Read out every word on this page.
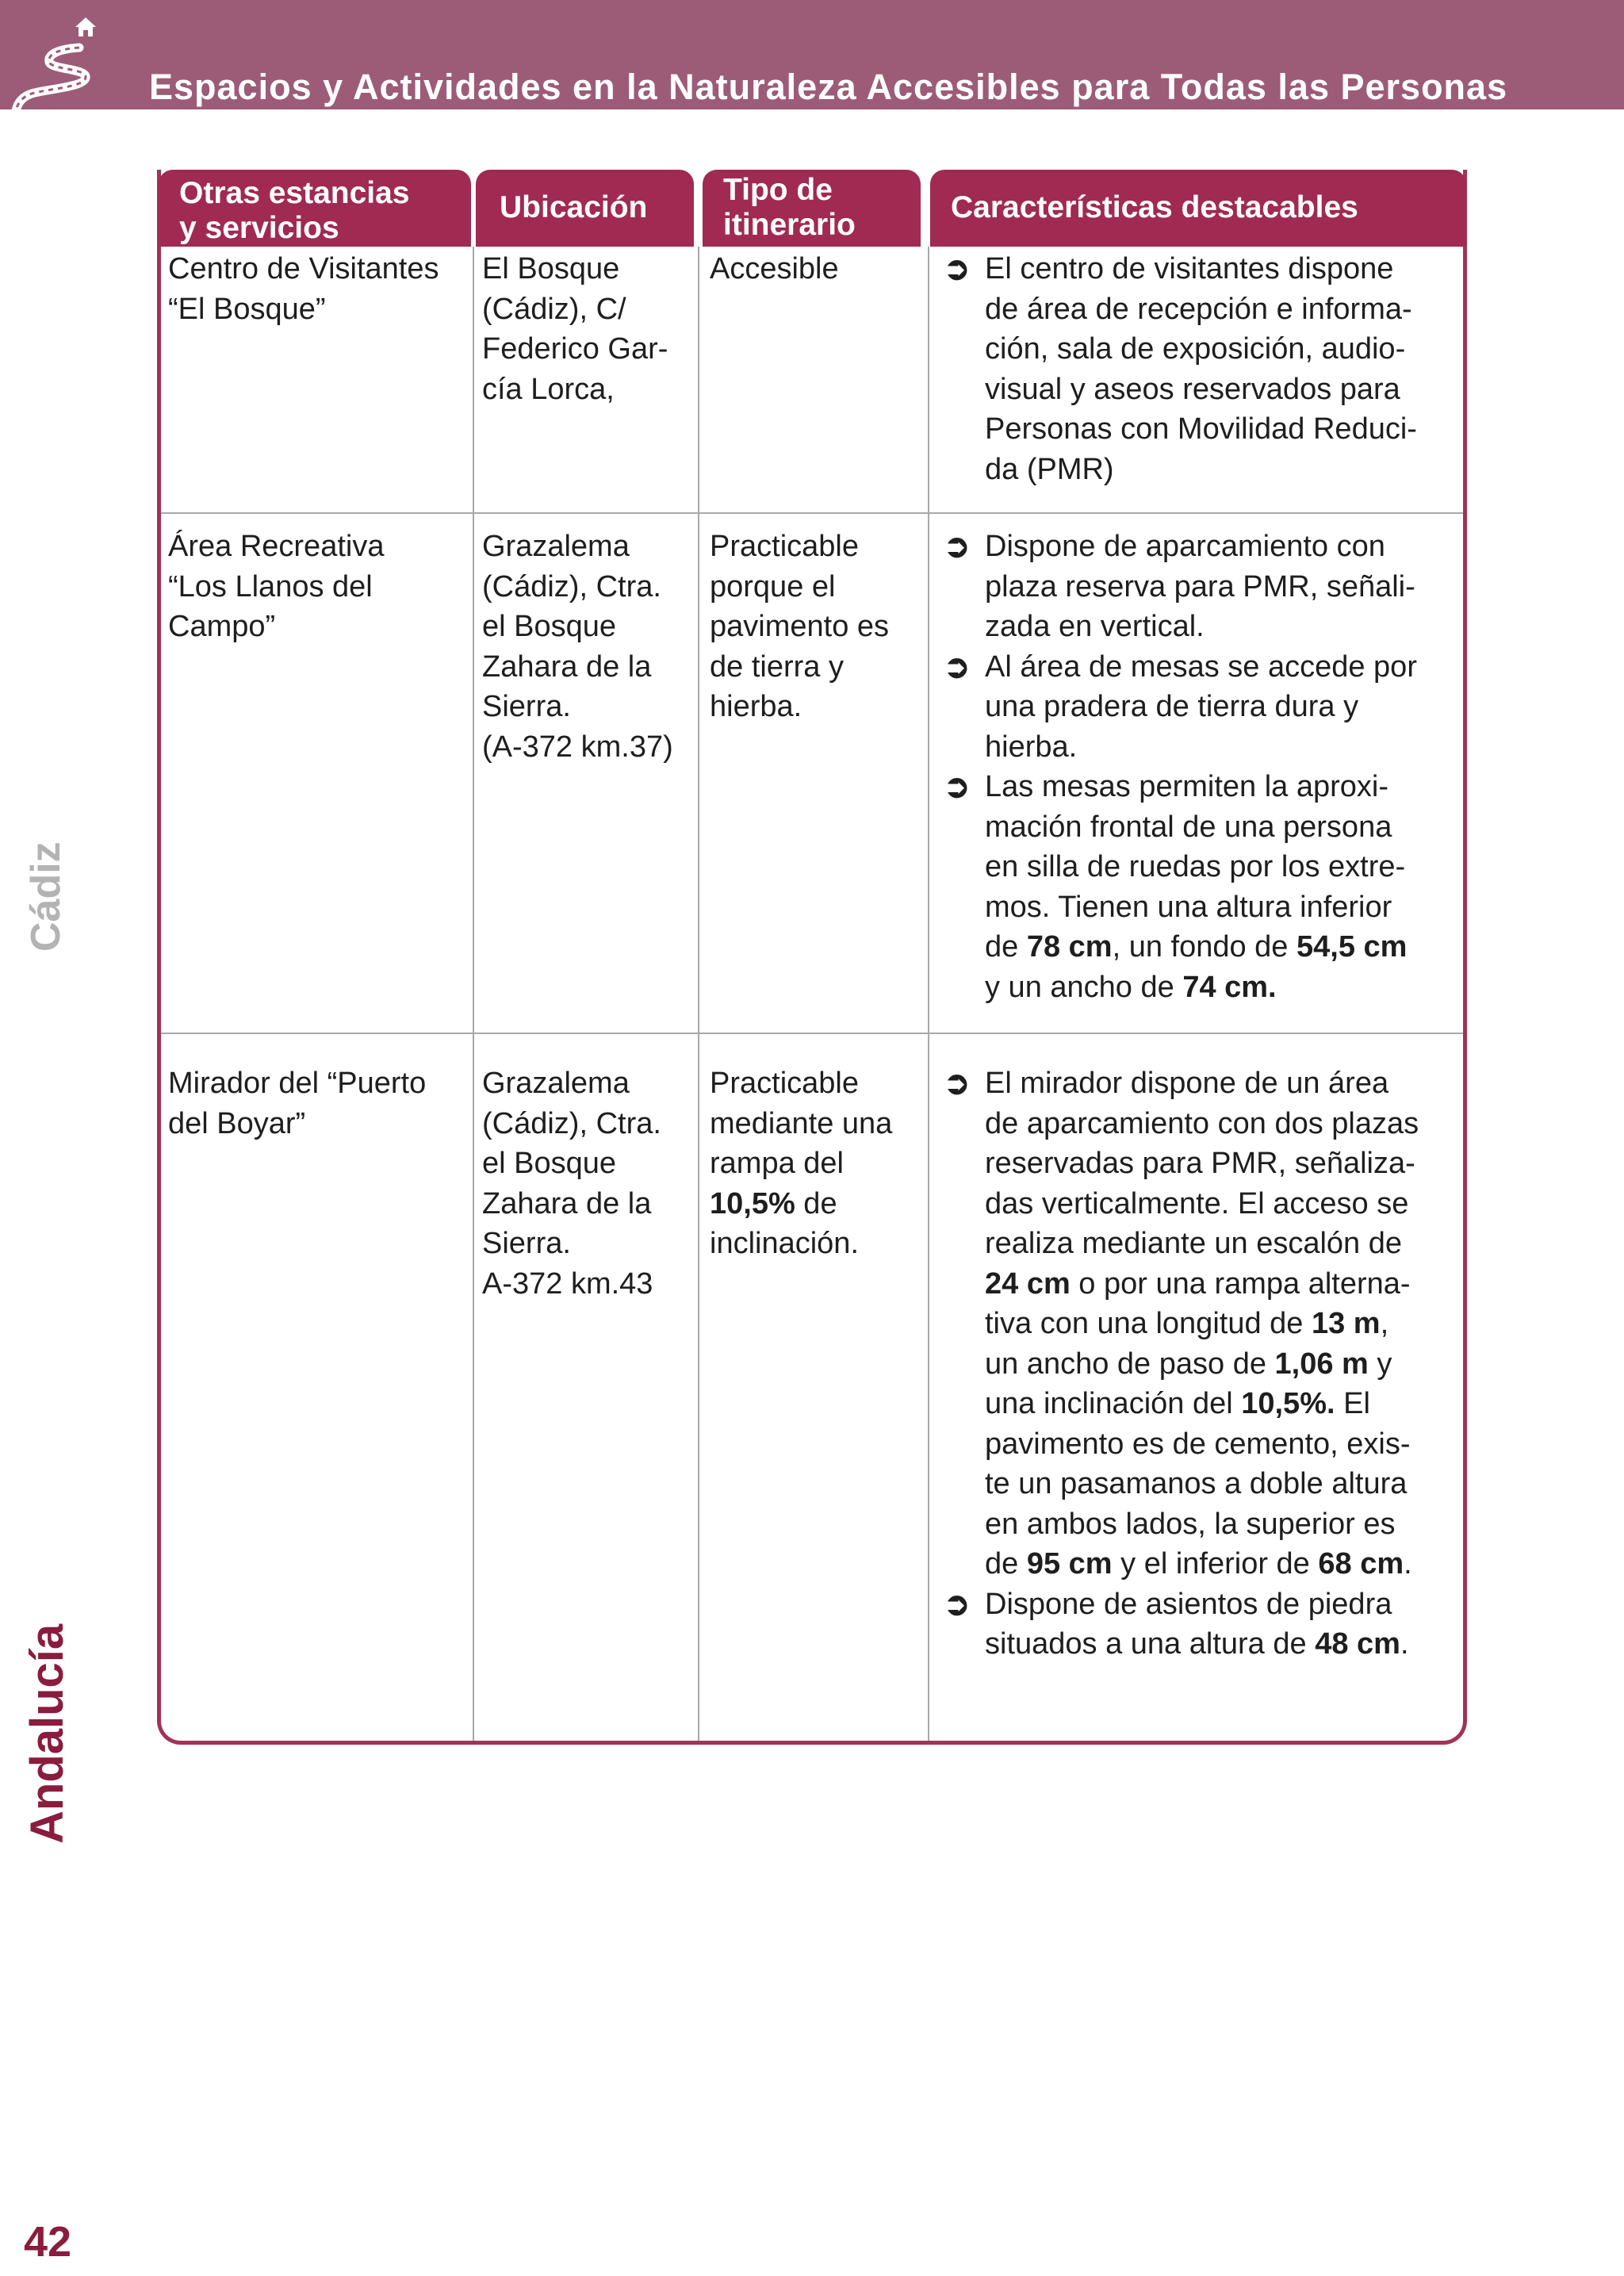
Espacios y Actividades en la Naturaleza Accesibles para Todas las Personas
Cádiz
Andalucía
Otras estancias
y servicios
Ubicación
Tipo de
itinerario
Características destacables

Centro de Visitantes
“El Bosque”

El Bosque
(Cádiz), C/
Federico Gar-
cía Lorca,

Accesible	➲ El centro de visitantes dispone
de área de recepción e informa-
ción, sala de exposición, audio-
visual y aseos reservados para
Personas con Movilidad Reduci-
da (PMR)

Área Recreativa
“Los Llanos del
Campo”

Grazalema
(Cádiz), Ctra.
el Bosque
Zahara de la
Sierra.
(A-372 km.37)

Practicable
porque el
pavimento es
de tierra y
hierba.

➲ Dispone de aparcamiento con
plaza reserva para PMR, señali-
zada en vertical.
➲ Al área de mesas se accede por
una pradera de tierra dura y
hierba.
➲ Las mesas permiten la aproxi-
mación frontal de una persona
en silla de ruedas por los extre-
mos. Tienen una altura inferior
de 78 cm, un fondo de 54,5 cm
y un ancho de 74 cm.

Mirador del “Puerto
del Boyar”

Grazalema
(Cádiz), Ctra.
el Bosque
Zahara de la
Sierra.
A-372 km.43

Practicable
mediante una
rampa del
10,5% de
inclinación.

➲ El mirador dispone de un área
de aparcamiento con dos plazas
reservadas para PMR, señaliza-
das verticalmente. El acceso se
realiza mediante un escalón de
24 cm o por una rampa alterna-
tiva con una longitud de 13 m,
un ancho de paso de 1,06 m y
una inclinación del 10,5%. El
pavimento es de cemento, exis-
te un pasamanos a doble altura
en ambos lados, la superior es
de 95 cm y el inferior de 68 cm.
➲ Dispone de asientos de piedra
situados a una altura de 48 cm.
42
